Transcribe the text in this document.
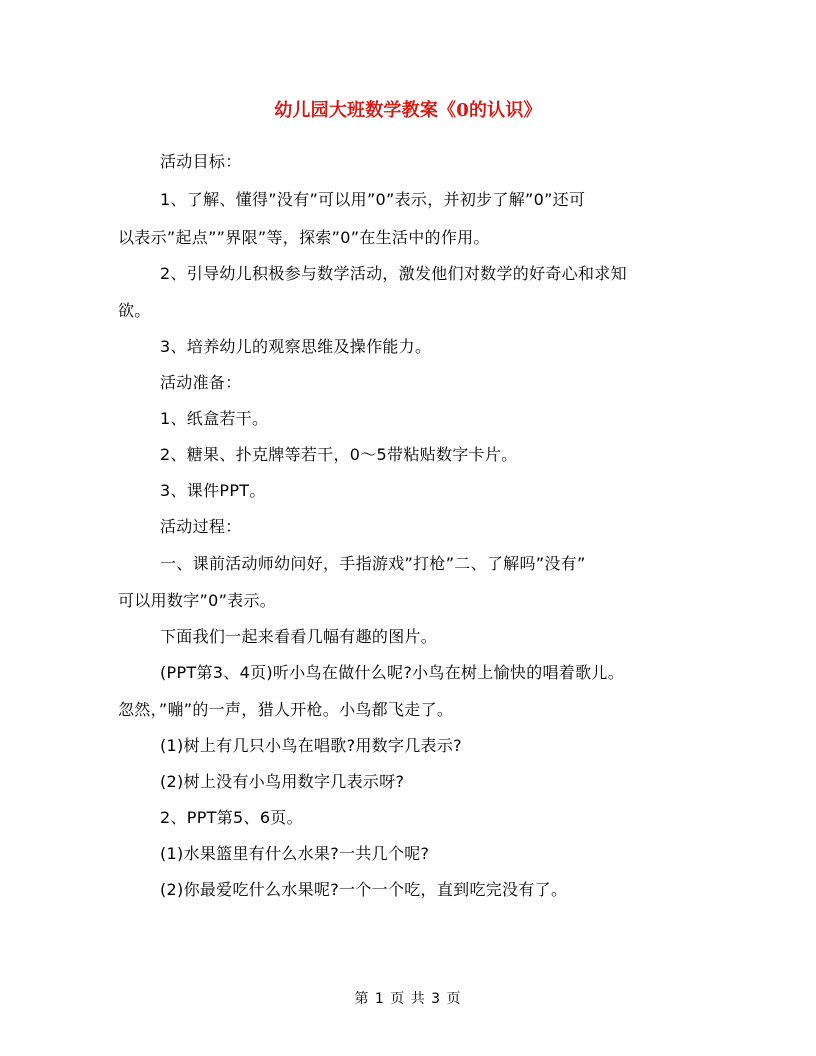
幼儿园大班数学教案《0的认识》
活动目标：
1、了解、懂得”没有”可以用”0”表示，并初步了解”0”还可
以表示”起点””界限”等，探索”0”在生活中的作用。
2、引导幼儿积极参与数学活动，激发他们对数学的好奇心和求知
欲。
3、培养幼儿的观察思维及操作能力。
活动准备：
1、纸盒若干。
2、糖果、扑克牌等若干，0～5带粘贴数字卡片。
3、课件PPT。
活动过程：
一、课前活动师幼问好，手指游戏”打枪”二、了解吗”没有”
可以用数字”0”表示。
下面我们一起来看看几幅有趣的图片。
(PPT第3、4页)听小鸟在做什么呢?小鸟在树上愉快的唱着歌儿。
忽然，”嘣”的一声，猎人开枪。小鸟都飞走了。
(1)树上有几只小鸟在唱歌?用数字几表示?
(2)树上没有小鸟用数字几表示呀?
2、PPT第5、6页。
(1)水果篮里有什么水果?一共几个呢?
(2)你最爱吃什么水果呢?一个一个吃，直到吃完没有了。
第 1 页 共 3 页
